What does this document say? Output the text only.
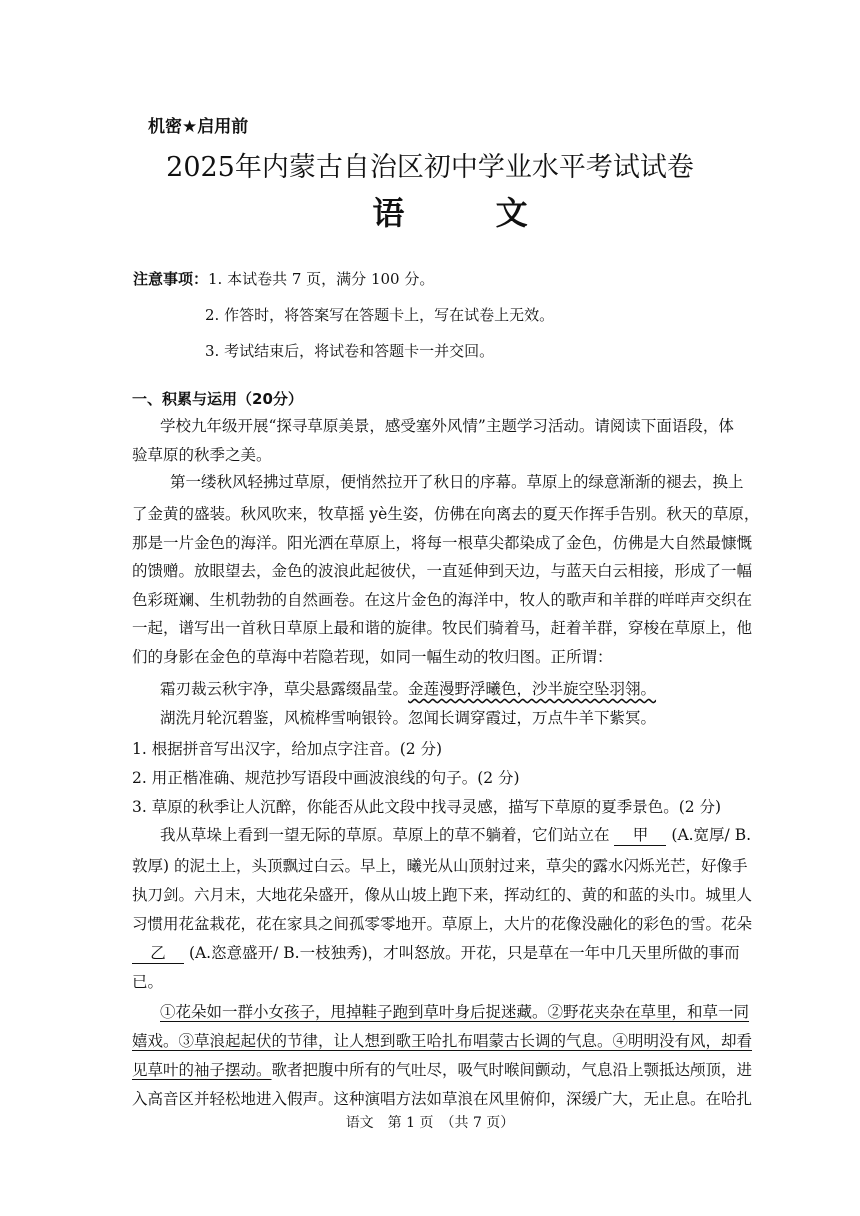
机密★启用前
2025年内蒙古自治区初中学业水平考试试卷
语 文
注意事项：1. 本试卷共 7 页，满分 100 分。
2. 作答时，将答案写在答题卡上，写在试卷上无效。
3. 考试结束后，将试卷和答题卡一并交回。
一、积累与运用（20分）
学校九年级开展“探寻草原美景，感受塞外风情”主题学习活动。请阅读下面语段，体
验草原的秋季之美。
第一缕秋风轻拂过草原，便悄然拉开了秋日的序幕。草原上的绿意渐渐的褪去，换上
了金黄的盛装。秋风吹来，牧草摇 yè生姿，仿佛在向离去的夏天作挥手告别。秋天的草原，
那是一片金色的海洋。阳光洒在草原上，将每一根草尖都染成了金色，仿佛是大自然最慷慨
的馈赠。放眼望去，金色的波浪此起彼伏，一直延伸到天边，与蓝天白云相接，形成了一幅
色彩斑斓、生机勃勃的自然画卷。在这片金色的海洋中，牧人的歌声和羊群的咩咩声交织在
一起，谱写出一首秋日草原上最和谐的旋律。牧民们骑着马，赶着羊群，穿梭在草原上，他
们的身影在金色的草海中若隐若现，如同一幅生动的牧归图。正所谓：
霜刃裁云秋宇净，草尖悬露缀晶莹。金莲漫野浮曦色，沙半旋空坠羽翎。
湖洗月轮沉碧鉴，风梳桦雪响银铃。忽闻长调穿霞过，万点牛羊下紫冥。
1. 根据拼音写出汉字，给加点字注音。(2 分)
2. 用正楷准确、规范抄写语段中画波浪线的句子。(2 分)
3. 草原的秋季让人沉醉，你能否从此文段中找寻灵感，描写下草原的夏季景色。(2 分)
我从草垛上看到一望无际的草原。草原上的草不躺着，它们站立在 甲 (A.宽厚/ B.
敦厚) 的泥土上，头顶飘过白云。早上，曦光从山顶射过来，草尖的露水闪烁光芒，好像手
执刀剑。六月末，大地花朵盛开，像从山坡上跑下来，挥动红的、黄的和蓝的头巾。城里人
习惯用花盆栽花，花在家具之间孤零零地开。草原上，大片的花像没融化的彩色的雪。花朵
乙 (A.恣意盛开/ B.一枝独秀)，才叫怒放。开花，只是草在一年中几天里所做的事而
已。
①花朵如一群小女孩子，甩掉鞋子跑到草叶身后捉迷藏。②野花夹杂在草里，和草一同
嬉戏。③草浪起起伏的节律，让人想到歌王哈扎布唱蒙古长调的气息。④明明没有风，却看
见草叶的袖子摆动。歌者把腹中所有的气吐尽，吸气时喉间颤动，气息沿上颚抵达颅顶，进
入高音区并轻松地进入假声。这种演唱方法如草浪在风里俯仰，深缓广大，无止息。在哈扎
语文　第 1 页　（共 7 页）
